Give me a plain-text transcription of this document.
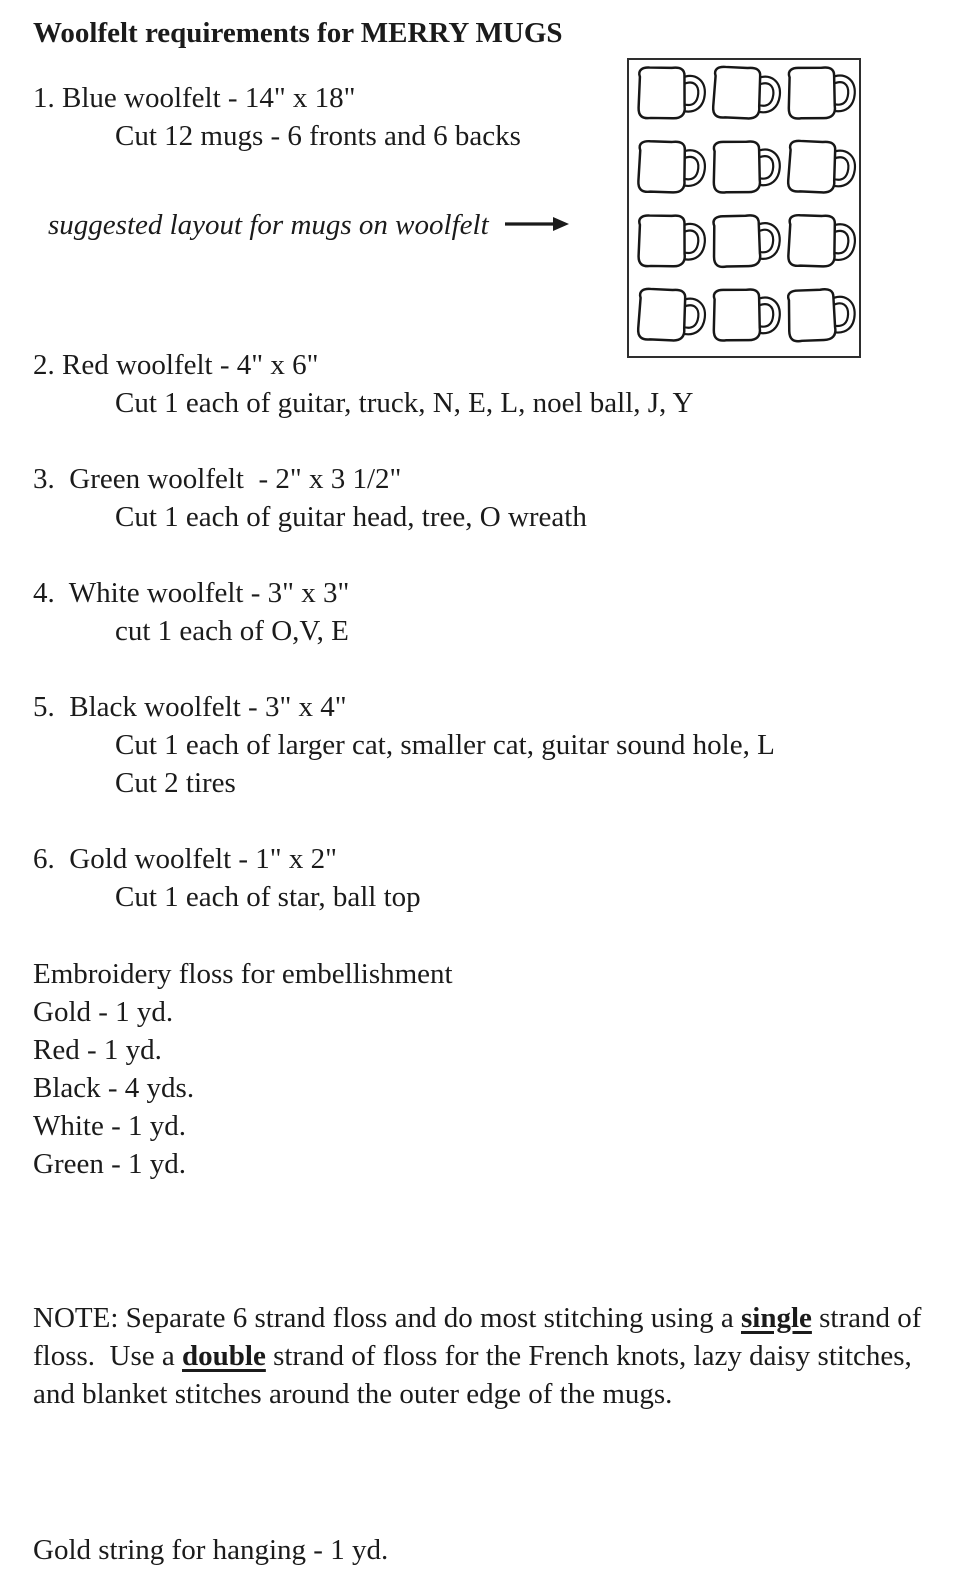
Woolfelt requirements for MERRY MUGS

1. Blue woolfelt - 14" x 18"

Cut 12 mugs - 6 fronts and 6 backs

suggested layout for mugs on woolfelt

2. Red woolfelt - 4" x 6"

Cut 1 each of guitar, truck, N, E, L, noel ball, J, Y

3.  Green woolfelt  - 2" x 3 1/2"

Cut 1 each of guitar head, tree, O wreath

4.  White woolfelt - 3" x 3"

cut 1 each of O,V, E

5.  Black woolfelt - 3" x 4"

Cut 1 each of larger cat, smaller cat, guitar sound hole, L

Cut 2 tires

6.  Gold woolfelt - 1" x 2"

Cut 1 each of star, ball top

Embroidery floss for embellishment

Gold - 1 yd.

Red - 1 yd.

Black - 4 yds.

White - 1 yd.

Green - 1 yd.

NOTE: Separate 6 strand floss and do most stitching using a single strand of floss.  Use a double strand of floss for the French knots, lazy daisy stitches, and blanket stitches around the outer edge of the mugs.

Gold string for hanging - 1 yd.
